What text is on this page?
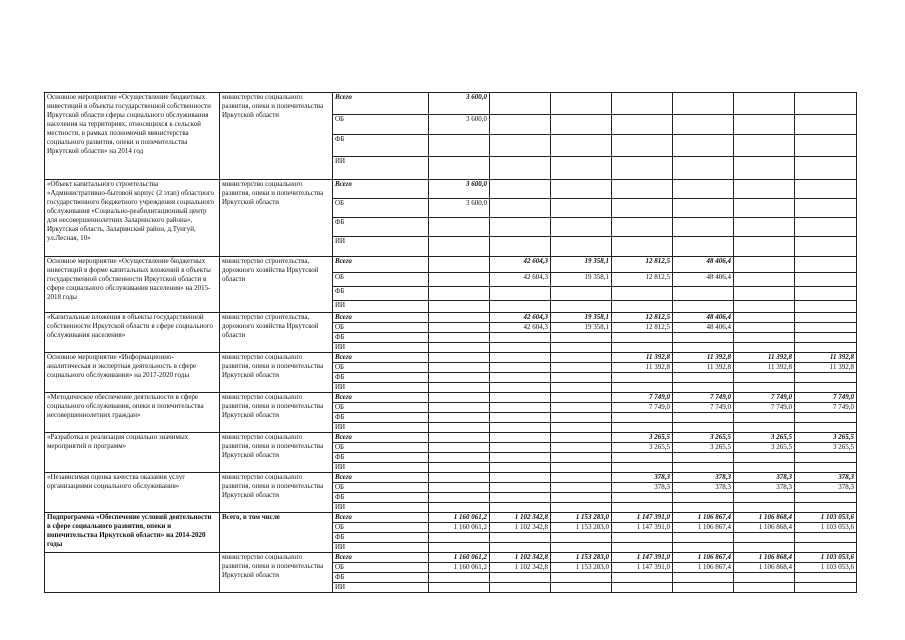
Основное мероприятие «Осуществление бюджетных инвестиций в объекты государственной собственности Иркутской области сферы социального обслуживания населения на территориях, относящихся к сельской местности, в рамках полномочий министерства социального развития, опеки и попечительства Иркутской области» на 2014 год	министерство социального развития, опеки и попечительства Иркутской области	Всего	3 600,0						
		ОБ	3 600,0						
		ФБ							
		ИИ							
«Объект капитального строительства «Административно-бытовой корпус (2 этап) областного государственного бюджетного учреждения социального обслуживания «Социально-реабилитационный центр для несовершеннолетних Заларинского района», Иркутская область, Заларинский район, д.Тунгуй, ул.Лесная, 10»	министерство социального развития, опеки и попечительства Иркутской области	Всего	3 600,0						
		ОБ	3 600,0						
		ФБ							
		ИИ							
Основное мероприятие «Осуществление бюджетных инвестиций в форме капитальных вложений в объекты государственной собственности Иркутской области в сфере социального обслуживания населения» на 2015-2018 годы	министерство строительства, дорожного хозяйства Иркутской области	Всего		42 604,3	19 358,1	12 812,5	48 406,4		
		ОБ		42 604,3	19 358,1	12 812,5	48 406,4		
		ФБ							
		ИИ							
«Капитальные вложения в объекты государственной собственности Иркутской области в сфере социального обслуживания населения»	министерство строительства, дорожного хозяйства Иркутской области	Всего		42 604,3	19 358,1	12 812,5	48 406,4		
		ОБ		42 604,3	19 358,1	12 812,5	48 406,4		
		ФБ							
		ИИ							
Основное мероприятие «Информационно-аналитическая и экспертная деятельность в сфере социального обслуживания» на 2017-2020 годы	министерство социального развития, опеки и попечительства Иркутской области	Всего				11 392,8	11 392,8	11 392,8	11 392,8
		ОБ				11 392,8	11 392,8	11 392,8	11 392,8
		ФБ							
		ИИ							
«Методическое обеспечение деятельности в сфере социального обслуживания, опеки и попечительства несовершеннолетних граждан»	министерство социального развития, опеки и попечительства Иркутской области	Всего				7 749,0	7 749,0	7 749,0	7 749,0
		ОБ				7 749,0	7 749,0	7 749,0	7 749,0
		ФБ							
		ИИ							
«Разработка и реализация социально значимых мероприятий и программ»	министерство социального развития, опеки и попечительства Иркутской области	Всего				3 265,5	3 265,5	3 265,5	3 265,5
		ОБ				3 265,5	3 265,5	3 265,5	3 265,5
		ФБ							
		ИИ							
«Независимая оценка качества оказания услуг организациями социального обслуживания»	министерство социального развития, опеки и попечительства Иркутской области	Всего				378,3	378,3	378,3	378,3
		ОБ				378,3	378,3	378,3	378,3
		ФБ							
		ИИ							
Подпрограмма «Обеспечение условий деятельности в сфере социального развития, опеки и попечительства Иркутской области» на 2014-2020 годы	Всего, в том числе	Всего	1 160 061,2	1 102 342,8	1 153 283,0	1 147 391,0	1 106 867,4	1 106 868,4	1 103 053,6
		ОБ	1 160 061,2	1 102 342,8	1 153 283,0	1 147 391,0	1 106 867,4	1 106 868,4	1 103 053,6
		ФБ							
		ИИ							
	министерство социального развития, опеки и попечительства Иркутской области	Всего	1 160 061,2	1 102 342,8	1 153 283,0	1 147 391,0	1 106 867,4	1 106 868,4	1 103 053,6
		ОБ	1 160 061,2	1 102 342,8	1 153 283,0	1 147 391,0	1 106 867,4	1 106 868,4	1 103 053,6
		ФБ							
		ИИ							
